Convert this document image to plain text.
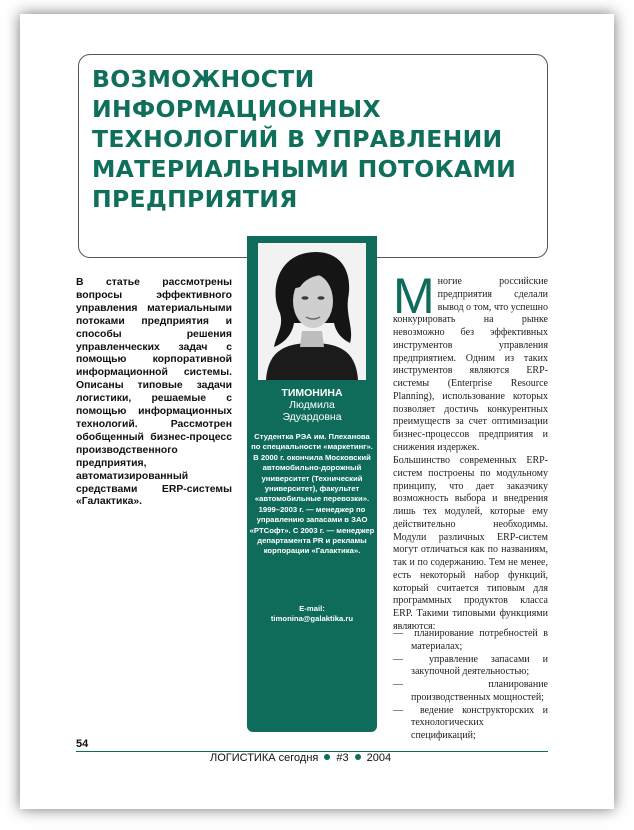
ВОЗМОЖНОСТИ ИНФОРМАЦИОННЫХ ТЕХНОЛОГИЙ В УПРАВЛЕНИИ МАТЕРИАЛЬНЫМИ ПОТОКАМИ ПРЕДПРИЯТИЯ

В статье рассмотрены вопросы эффективного управления материальными потоками предприятия и способы решения управленческих задач с помощью корпоративной информационной системы. Описаны типовые задачи логистики, решаемые с помощью информационных технологий. Рассмотрен обобщенный бизнес-процесс производственного предприятия, автоматизированный средствами ERP-системы «Галактика».

ТИМОНИНА
Людмила
Эдуардовна

Студентка РЭА им. Плеханова по специальности «маркетинг». В 2000 г. окончила Московский автомобильно-дорожный университет (Технический университет), факультет «автомобильные перевозки». 1999–2003 г. — менеджер по управлению запасами в ЗАО «РТСофт». С 2003 г. — менеджер департамента PR и рекламы корпорации «Галактика».

E-mail:
timonina@galaktika.ru

Многие российские предприятия сделали вывод о том, что успешно конкурировать на рынке невозможно без эффективных инструментов управления предприятием. Одним из таких инструментов являются ERP-системы (Enterprise Resource Planning), использование которых позволяет достичь конкурентных преимуществ за счет оптимизации бизнес-процессов предприятия и снижения издержек.

Большинство современных ERP-систем построены по модульному принципу, что дает заказчику возможность выбора и внедрения лишь тех модулей, которые ему действительно необходимы. Модули различных ERP-систем могут отличаться как по названиям, так и по содержанию. Тем не менее, есть некоторый набор функций, который считается типовым для программных продуктов класса ERP. Такими типовыми функциями являются:

—  планирование потребностей в материалах;
—  управление запасами и закупочной деятельностью;
—  планирование производственных мощностей;
—  ведение конструкторских и технологических спецификаций;
54
ЛОГИСТИКА сегодня #3 2004
